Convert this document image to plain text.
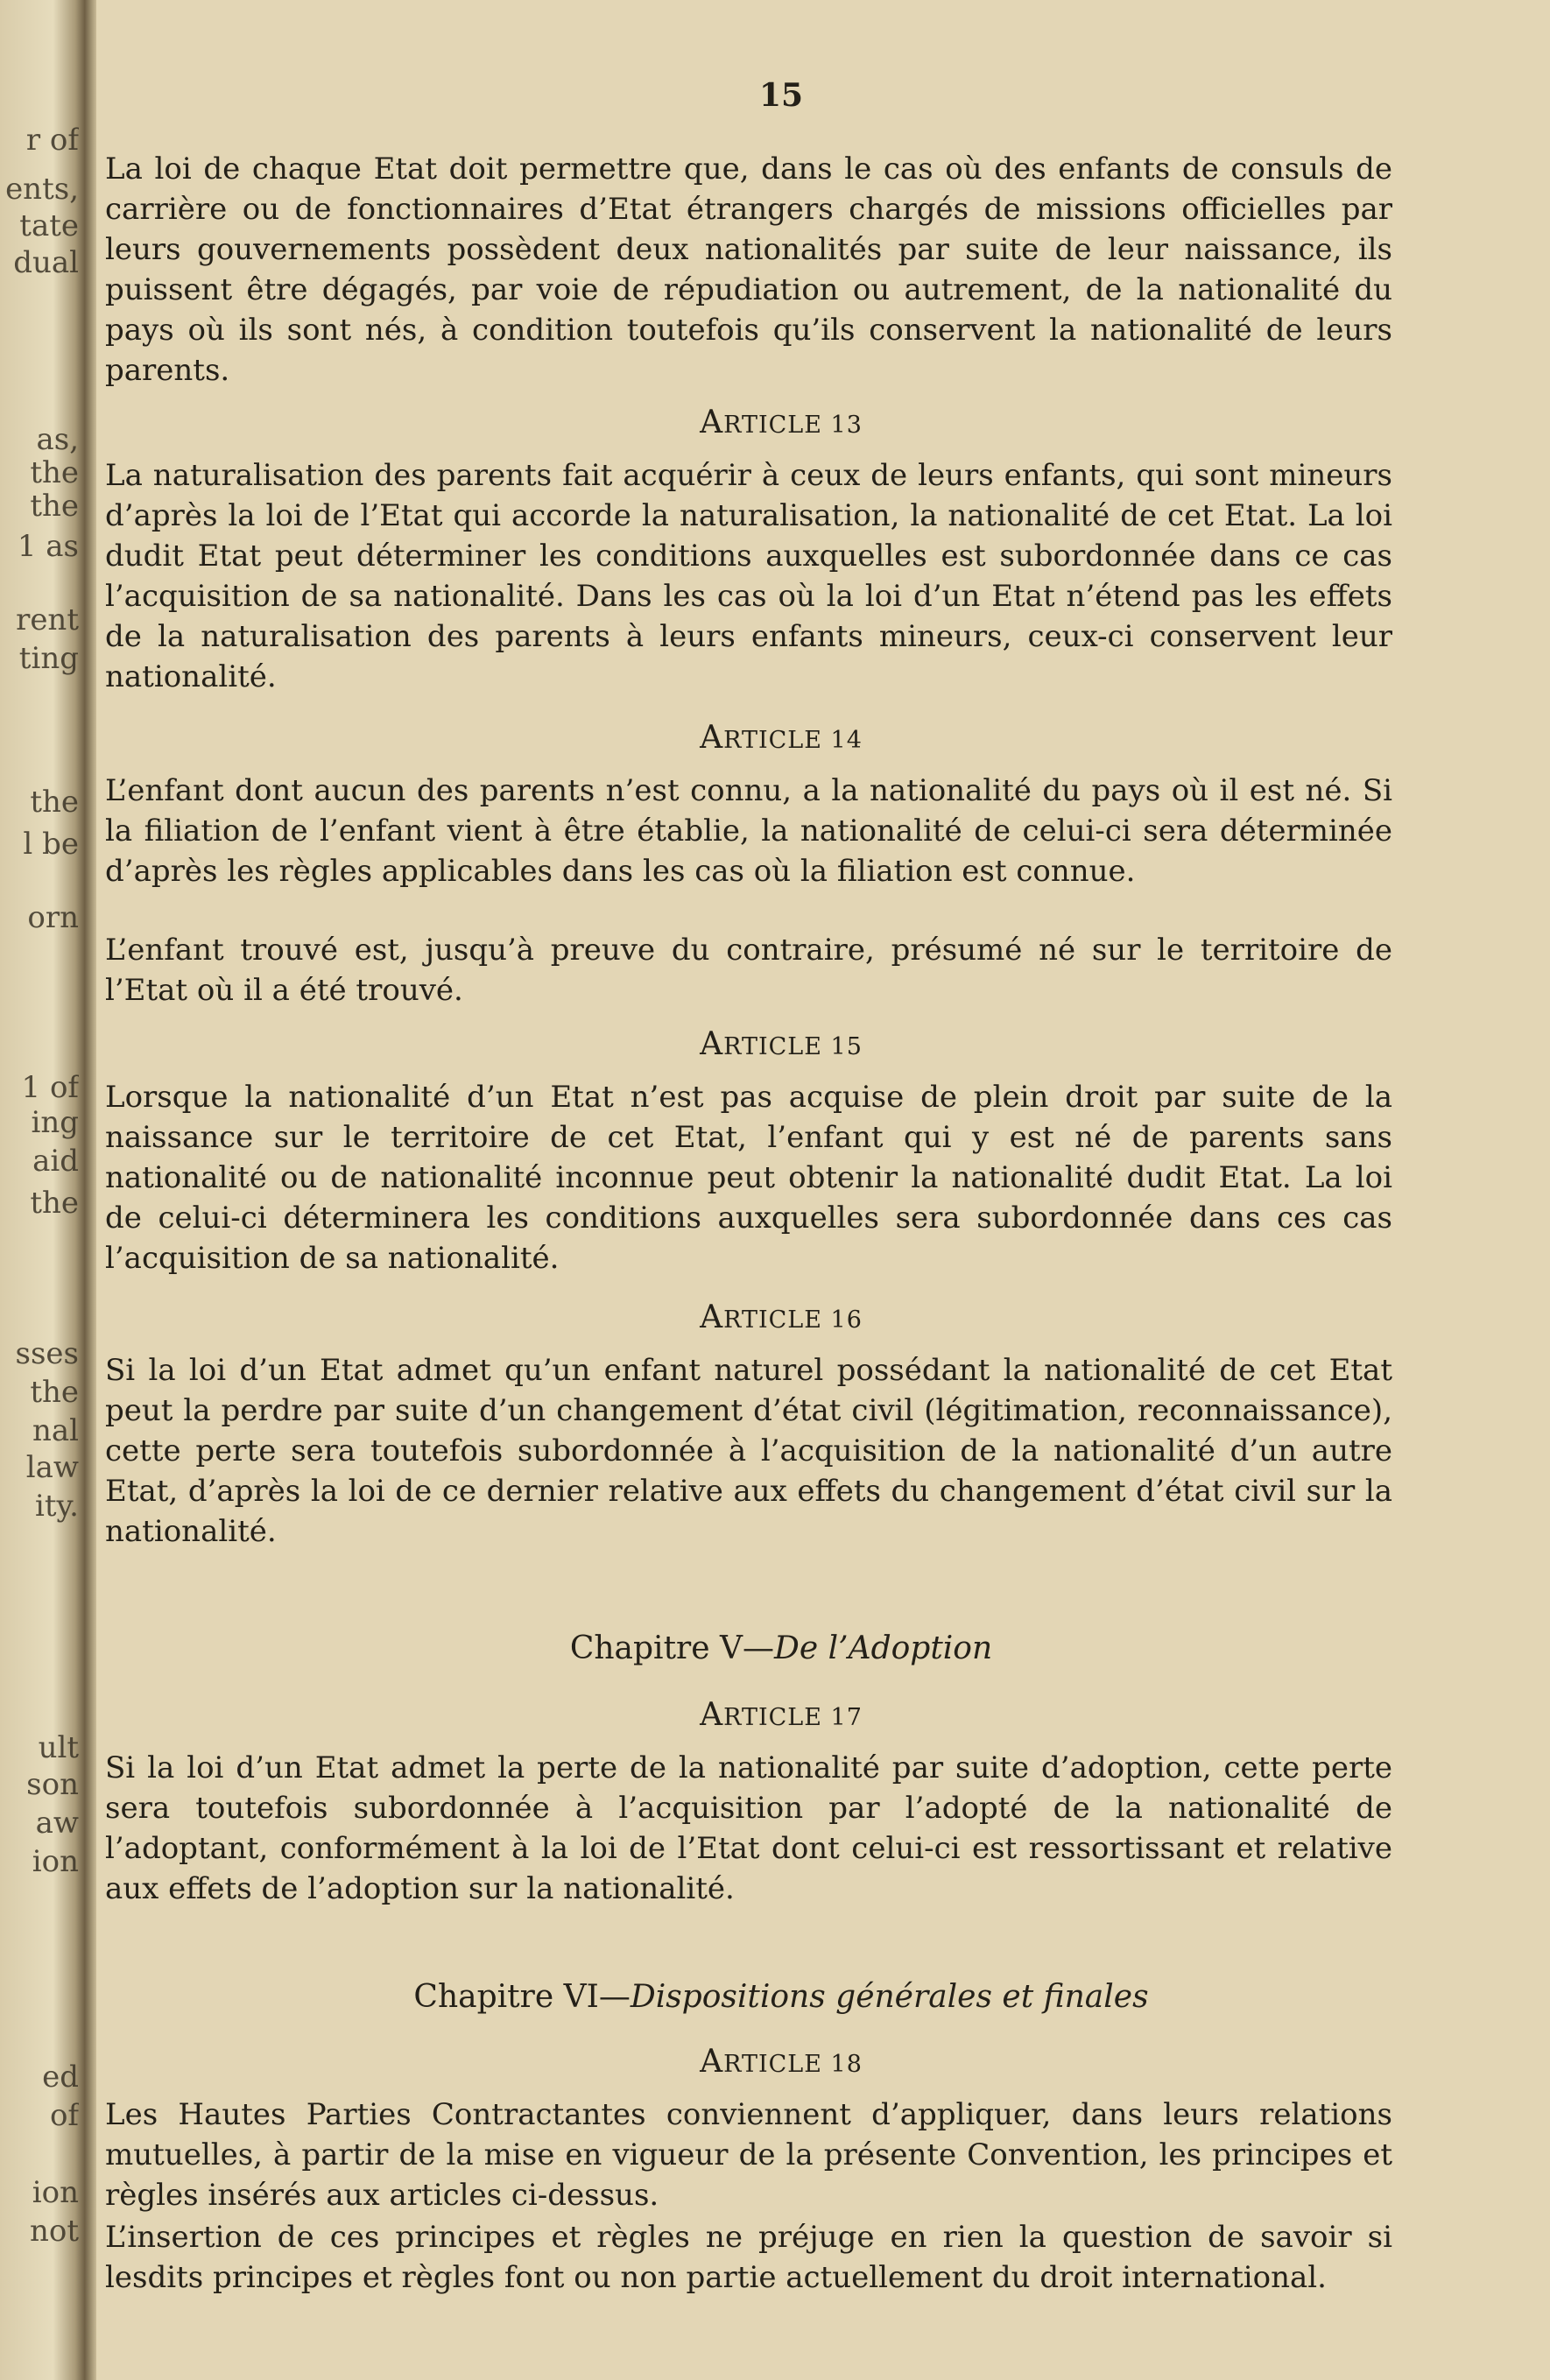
r of
ents,
tate
dual
as,
the
the
1 as
rent
ting
the
l be
orn
1 of
ing
aid
the
sses
the
nal
law
ity.
ult
son
aw
ion
ed
of
ion
not
15
La loi de chaque Etat doit permettre que, dans le cas où des enfants de consuls de carrière ou de fonctionnaires d’Etat étrangers chargés de missions officielles par leurs gouvernements possèdent deux nationalités par suite de leur naissance, ils puissent être dégagés, par voie de répudiation ou autrement, de la nationalité du pays où ils sont nés, à condition toutefois qu’ils conservent la nationalité de leurs parents.
ARTICLE 13
La naturalisation des parents fait acquérir à ceux de leurs enfants, qui sont mineurs d’après la loi de l’Etat qui accorde la naturalisation, la nationalité de cet Etat. La loi dudit Etat peut déterminer les conditions auxquelles est subordonnée dans ce cas l’acquisition de sa nationalité. Dans les cas où la loi d’un Etat n’étend pas les effets de la naturalisation des parents à leurs enfants mineurs, ceux-ci conservent leur nationalité.
ARTICLE 14
L’enfant dont aucun des parents n’est connu, a la nationalité du pays où il est né. Si la filiation de l’enfant vient à être établie, la nationalité de celui-ci sera déterminée d’après les règles applicables dans les cas où la filiation est connue.
L’enfant trouvé est, jusqu’à preuve du contraire, présumé né sur le territoire de l’Etat où il a été trouvé.
ARTICLE 15
Lorsque la nationalité d’un Etat n’est pas acquise de plein droit par suite de la naissance sur le territoire de cet Etat, l’enfant qui y est né de parents sans nationalité ou de nationalité inconnue peut obtenir la nationalité dudit Etat. La loi de celui-ci déterminera les conditions auxquelles sera subordonnée dans ces cas l’acquisition de sa nationalité.
ARTICLE 16
Si la loi d’un Etat admet qu’un enfant naturel possédant la nationalité de cet Etat peut la perdre par suite d’un changement d’état civil (légitimation, reconnaissance), cette perte sera toutefois subordonnée à l’acquisition de la nationalité d’un autre Etat, d’après la loi de ce dernier relative aux effets du changement d’état civil sur la nationalité.
Chapitre V—De l’Adoption
ARTICLE 17
Si la loi d’un Etat admet la perte de la nationalité par suite d’adoption, cette perte sera toutefois subordonnée à l’acquisition par l’adopté de la nationalité de l’adoptant, conformément à la loi de l’Etat dont celui-ci est ressortissant et relative aux effets de l’adoption sur la nationalité.
Chapitre VI—Dispositions générales et finales
ARTICLE 18
Les Hautes Parties Contractantes conviennent d’appliquer, dans leurs relations mutuelles, à partir de la mise en vigueur de la présente Convention, les principes et règles insérés aux articles ci-dessus.
L’insertion de ces principes et règles ne préjuge en rien la question de savoir si lesdits principes et règles font ou non partie actuellement du droit international.
